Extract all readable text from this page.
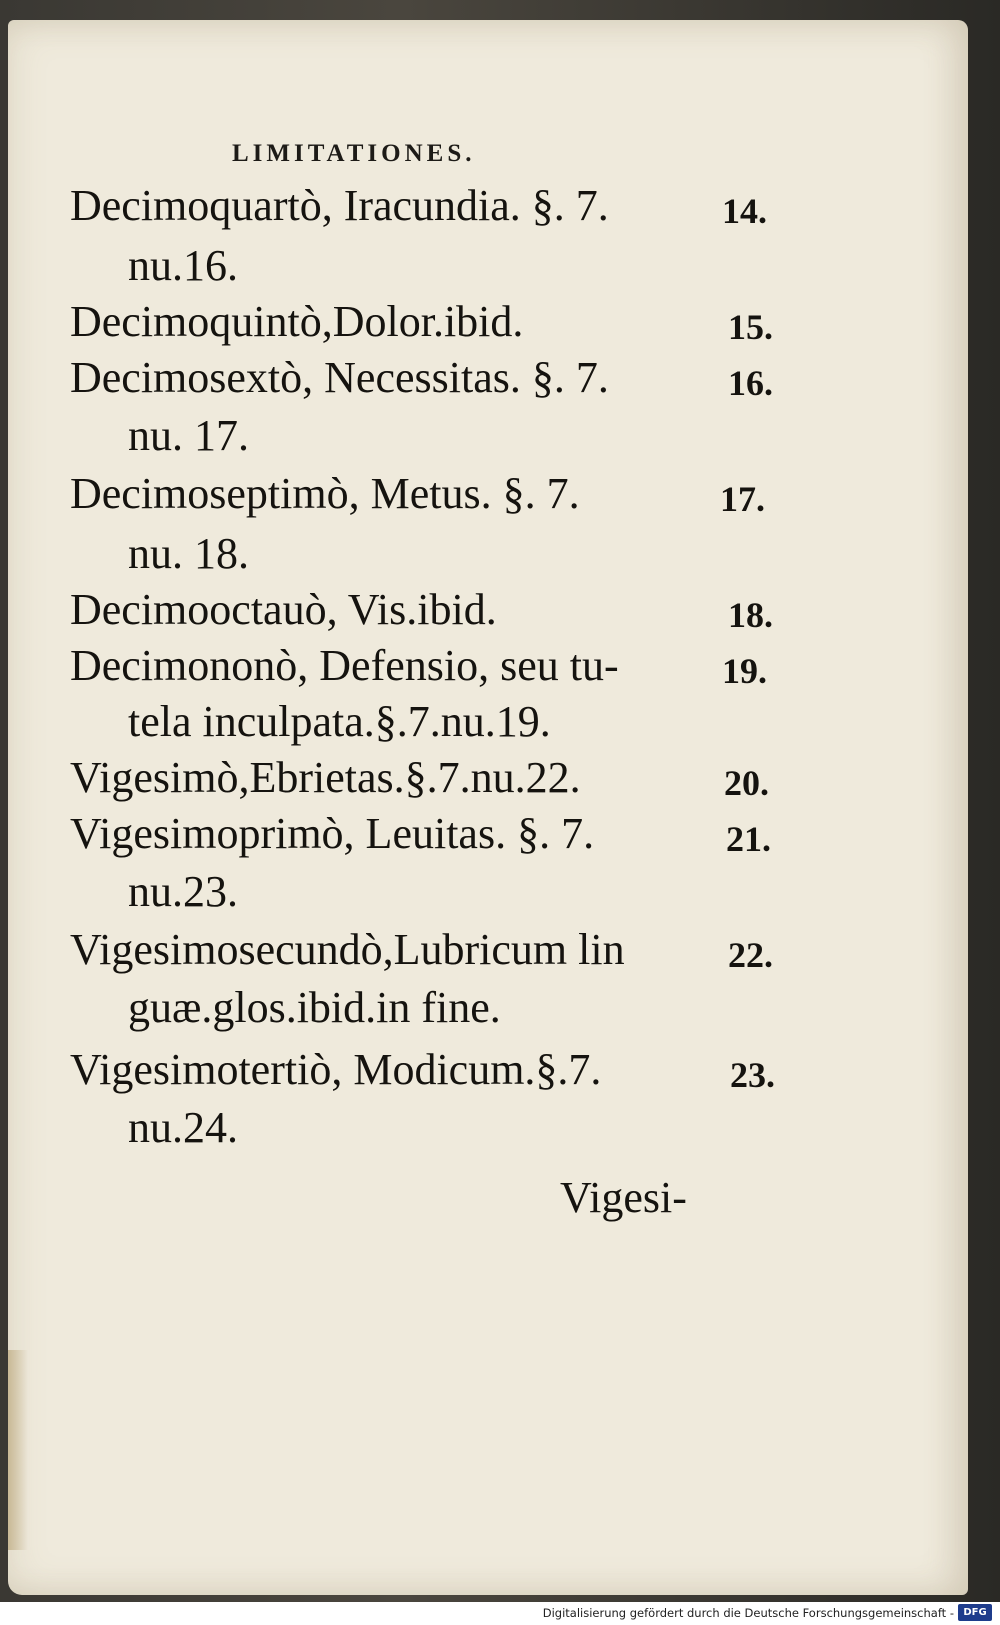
LIMITATIONES.
Decimoquartò, Iracundia. §. 7.	14.
nu.16.
Decimoquintò,Dolor.ibid.	15.
Decimosextò, Necessitas. §. 7.	16.
nu. 17.
Decimoseptimò, Metus. §. 7.	17.
nu. 18.
Decimooctauò, Vis.ibid.	18.
Decimononò, Defensio, seu tu-	19.
tela inculpata.§.7.nu.19.
Vigesimò,Ebrietas.§.7.nu.22.	20.
Vigesimoprimò, Leuitas. §. 7.	21.
nu.23.
Vigesimosecundò,Lubricum lin	22.
guæ.glos.ibid.in fine.
Vigesimotertiò, Modicum.§.7.	23.
nu.24.
Vigesi-
Digitalisierung gefördert durch die Deutsche Forschungsgemeinschaft - DFG
